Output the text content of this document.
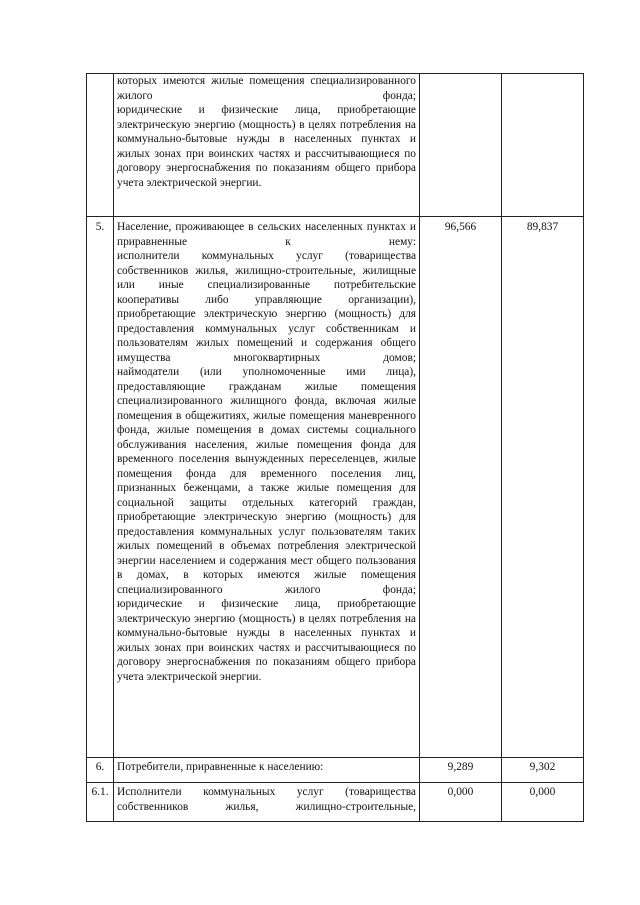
	которых имеются жилые помещения специализированного жилого фонда;
юридические и физические лица, приобретающие электрическую энергию (мощность) в целях потребления на коммунально-бытовые нужды в населенных пунктах и жилых зонах при воинских частях и рассчитывающиеся по договору энергоснабжения по показаниям общего прибора учета электрической энергии.		

5.	Население, проживающее в сельских населенных пунктах и приравненные к нему:
исполнители коммунальных услуг (товарищества собственников жилья, жилищно-строительные, жилищные или иные специализированные потребительские кооперативы либо управляющие организации), приобретающие электрическую энергию (мощность) для предоставления коммунальных услуг собственникам и пользователям жилых помещений и содержания общего имущества многоквартирных домов;
наймодатели (или уполномоченные ими лица), предоставляющие гражданам жилые помещения специализированного жилищного фонда, включая жилые помещения в общежитиях, жилые помещения маневренного фонда, жилые помещения в домах системы социального обслуживания населения, жилые помещения фонда для временного поселения вынужденных переселенцев, жилые помещения фонда для временного поселения лиц, признанных беженцами, а также жилые помещения для социальной защиты отдельных категорий граждан, приобретающие электрическую энергию (мощность) для предоставления коммунальных услуг пользователям таких жилых помещений в объемах потребления электрической энергии населением и содержания мест общего пользования в домах, в которых имеются жилые помещения специализированного жилого фонда;
юридические и физические лица, приобретающие электрическую энергию (мощность) в целях потребления на коммунально-бытовые нужды в населенных пунктах и жилых зонах при воинских частях и рассчитывающиеся по договору энергоснабжения по показаниям общего прибора учета электрической энергии.	96,566	89,837
6.	Потребители, приравненные к населению:	9,289	9,302
6.1.	Исполнители коммунальных услуг (товарищества собственников жилья, жилищно-строительные,	0,000	0,000
